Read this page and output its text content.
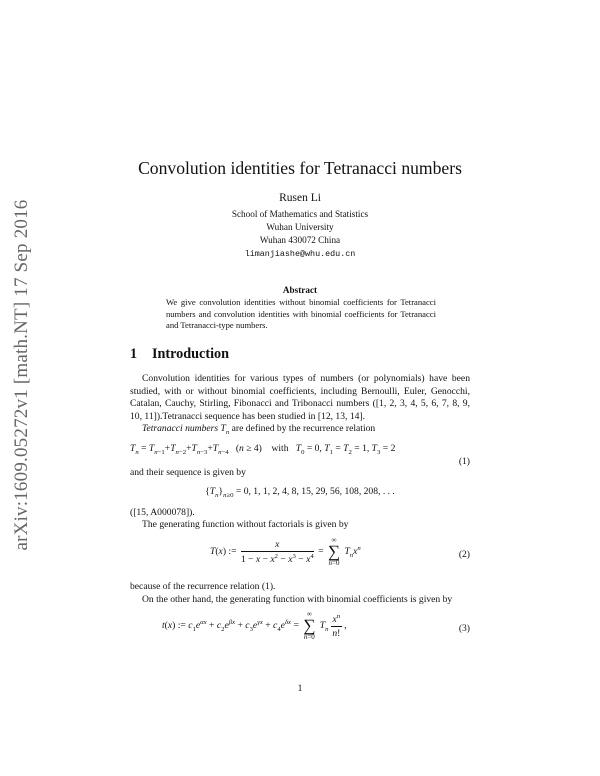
arXiv:1609.05272v1 [math.NT] 17 Sep 2016
Convolution identities for Tetranacci numbers
Rusen Li
School of Mathematics and Statistics
Wuhan University
Wuhan 430072 China
limanjiashe@whu.edu.cn
Abstract
We give convolution identities without binomial coefficients for Tetranacci numbers and convolution identities with binomial coefficients for Tetranacci and Tetranacci-type numbers.
1 Introduction
Convolution identities for various types of numbers (or polynomials) have been studied, with or without binomial coefficients, including Bernoulli, Euler, Genocchi, Catalan, Cauchy, Stirling, Fibonacci and Tribonacci numbers ([1, 2, 3, 4, 5, 6, 7, 8, 9, 10, 11]).Tetranacci sequence has been studied in [12, 13, 14].
Tetranacci numbers $T_n$ are defined by the recurrence relation
$T_n = T_{n-1}+T_{n-2}+T_{n-3}+T_{n-4}$   (n ≥ 4)    with   $T_0 = 0$, $T_1 = T_2 = 1$, $T_3 = 2$
(1)
and their sequence is given by
$\{T_n\}_{n\ge 0} = 0$, 1, 1, 2, 4, 8, 15, 29, 56, 108, 208, . . .
([15, A000078]).
The generating function without factorials is given by
T(x) := $\frac{x}{1 - x - x^2 - x^3 - x^4}$ =
∞
∑
n=0
$T_nx^n$
(2)
because of the recurrence relation (1).
On the other hand, the generating function with binomial coefficients is given by
t(x) := $c_1e^{\alpha x} + c_2e^{\beta x} + c_3e^{\gamma x} + c_4e^{\delta x}$ =
∞
∑
n=0
$T_n \frac{x^n}{n!}$ ,	(3)
1
